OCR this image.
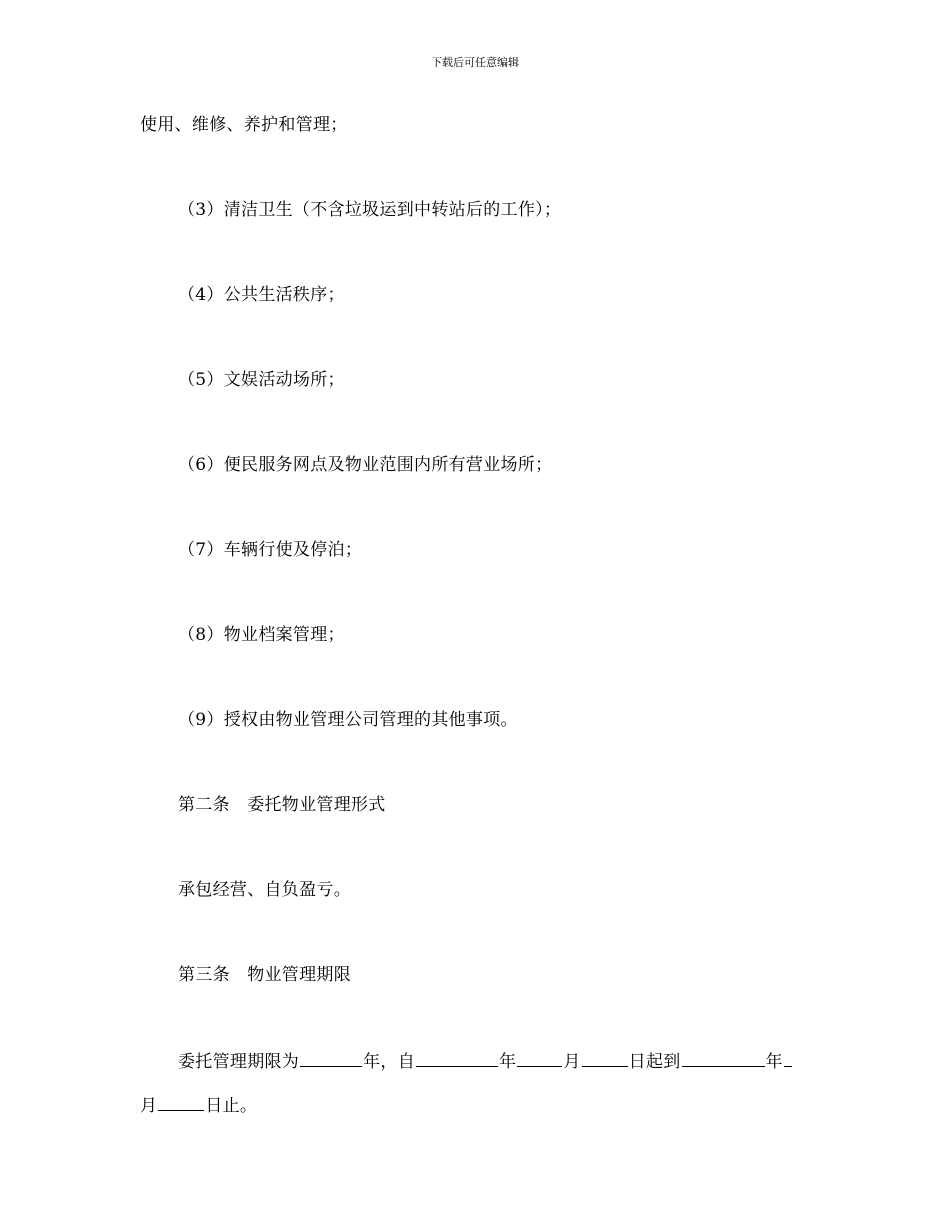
下载后可任意编辑
使用、维修、养护和管理；
（3）清洁卫生（不含垃圾运到中转站后的工作）；
（4）公共生活秩序；
（5）文娱活动场所；
（6）便民服务网点及物业范围内所有营业场所；
（7）车辆行使及停泊；
（8）物业档案管理；
（9）授权由物业管理公司管理的其他事项。
第二条　委托物业管理形式
承包经营、自负盈亏。
第三条　物业管理期限
委托管理期限为	年，自	年	月	日起到	年
月	日止。
